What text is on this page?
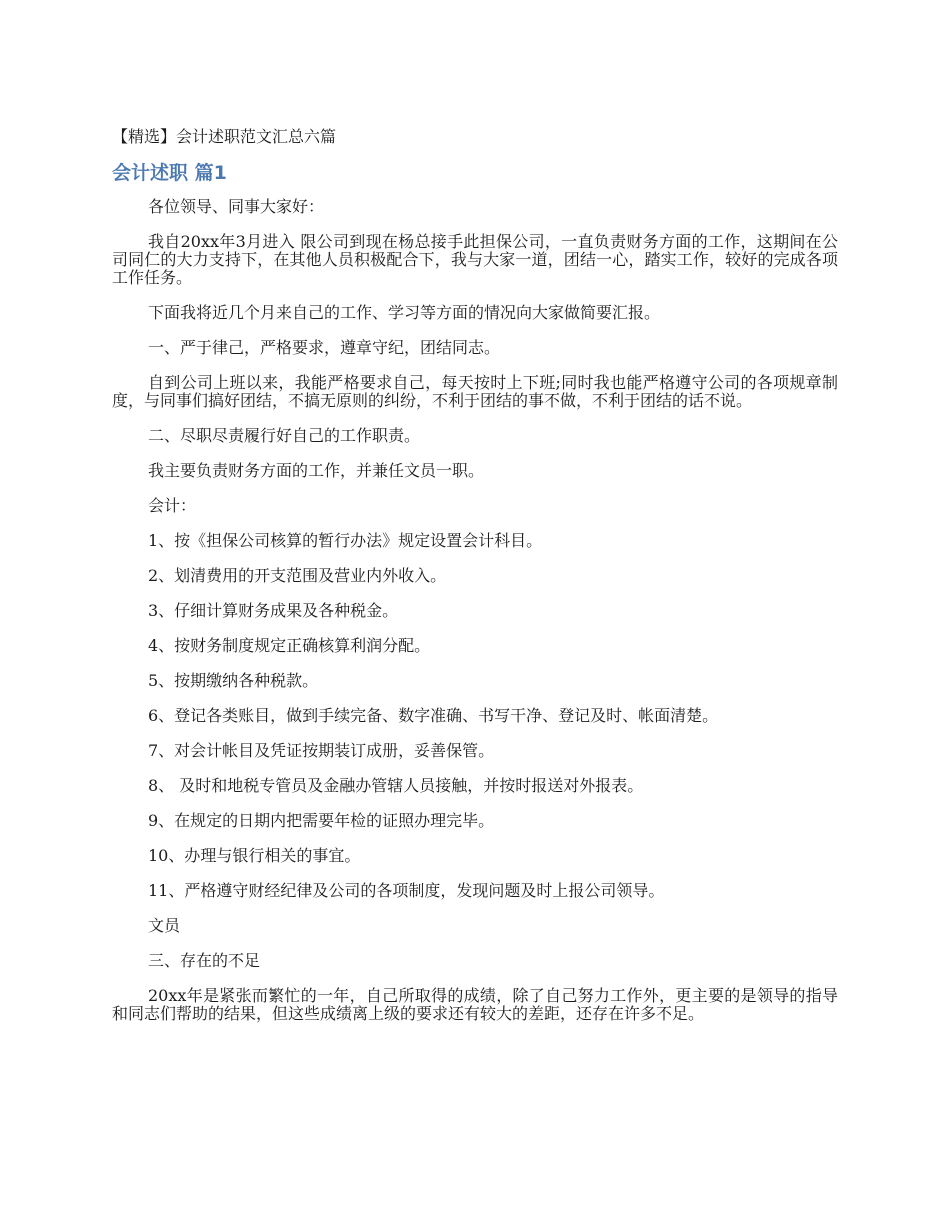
【精选】会计述职范文汇总六篇
会计述职 篇1

各位领导、同事大家好：

我自20xx年3月进入 限公司到现在杨总接手此担保公司，一直负责财务方面的工作，这期间在公司同仁的大力支持下，在其他人员积极配合下，我与大家一道，团结一心，踏实工作，较好的完成各项工作任务。

下面我将近几个月来自己的工作、学习等方面的情况向大家做简要汇报。

一、严于律己，严格要求，遵章守纪，团结同志。

自到公司上班以来，我能严格要求自己，每天按时上下班;同时我也能严格遵守公司的各项规章制度，与同事们搞好团结，不搞无原则的纠纷，不利于团结的事不做，不利于团结的话不说。

二、尽职尽责履行好自己的工作职责。

我主要负责财务方面的工作，并兼任文员一职。

会计：

1、按《担保公司核算的暂行办法》规定设置会计科目。

2、划清费用的开支范围及营业内外收入。

3、仔细计算财务成果及各种税金。

4、按财务制度规定正确核算利润分配。

5、按期缴纳各种税款。

6、登记各类账目，做到手续完备、数字准确、书写干净、登记及时、帐面清楚。

7、对会计帐目及凭证按期装订成册，妥善保管。

8、 及时和地税专管员及金融办管辖人员接触，并按时报送对外报表。

9、在规定的日期内把需要年检的证照办理完毕。

10、办理与银行相关的事宜。

11、严格遵守财经纪律及公司的各项制度，发现问题及时上报公司领导。

文员

三、存在的不足

20xx年是紧张而繁忙的一年，自己所取得的成绩，除了自己努力工作外，更主要的是领导的指导和同志们帮助的结果，但这些成绩离上级的要求还有较大的差距，还存在许多不足。
